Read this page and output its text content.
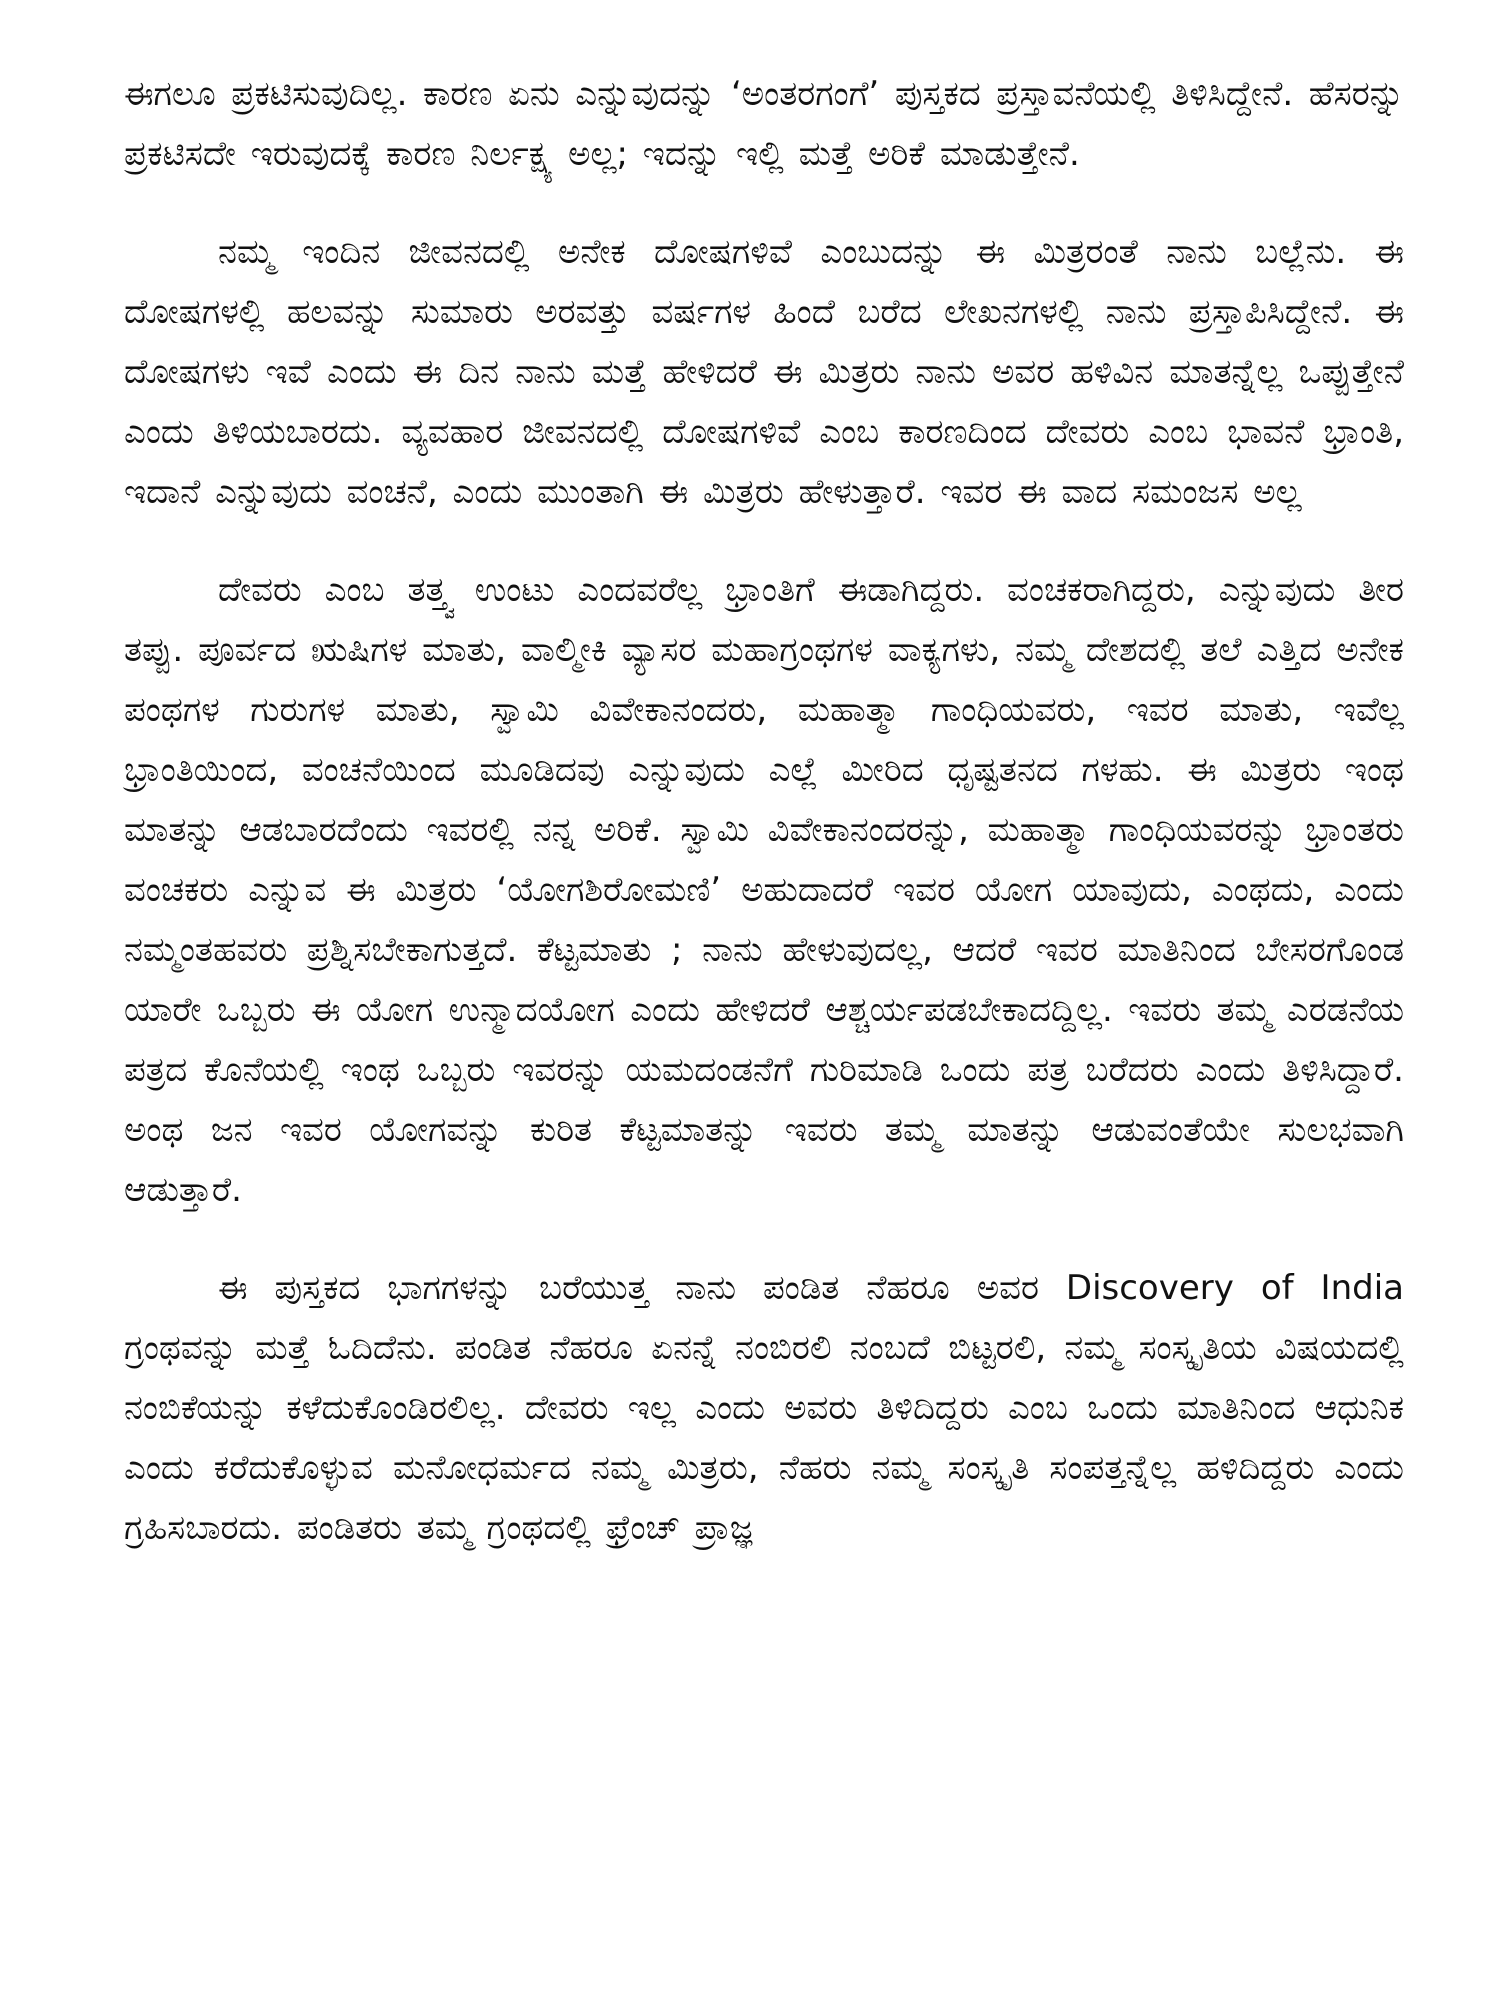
ಈಗಲೂ ಪ್ರಕಟಿಸುವುದಿಲ್ಲ. ಕಾರಣ ಏನು ಎನ್ನುವುದನ್ನು ‘ಅಂತರಗಂಗೆ’ ಪುಸ್ತಕದ ಪ್ರಸ್ತಾವನೆಯಲ್ಲಿ ತಿಳಿಸಿದ್ದೇನೆ. ಹೆಸರನ್ನು ಪ್ರಕಟಿಸದೇ ಇರುವುದಕ್ಕೆ ಕಾರಣ ನಿರ್ಲಕ್ಷ್ಯ ಅಲ್ಲ; ಇದನ್ನು ಇಲ್ಲಿ ಮತ್ತೆ ಅರಿಕೆ ಮಾಡುತ್ತೇನೆ.

ನಮ್ಮ ಇಂದಿನ ಜೀವನದಲ್ಲಿ ಅನೇಕ ದೋಷಗಳಿವೆ ಎಂಬುದನ್ನು ಈ ಮಿತ್ರರಂತೆ ನಾನು ಬಲ್ಲೆನು. ಈ ದೋಷಗಳಲ್ಲಿ ಹಲವನ್ನು ಸುಮಾರು ಅರವತ್ತು ವರ್ಷಗಳ ಹಿಂದೆ ಬರೆದ ಲೇಖನಗಳಲ್ಲಿ ನಾನು ಪ್ರಸ್ತಾಪಿಸಿದ್ದೇನೆ. ಈ ದೋಷಗಳು ಇವೆ ಎಂದು ಈ ದಿನ ನಾನು ಮತ್ತೆ ಹೇಳಿದರೆ ಈ ಮಿತ್ರರು ನಾನು ಅವರ ಹಳಿವಿನ ಮಾತನ್ನೆಲ್ಲ ಒಪ್ಪುತ್ತೇನೆ ಎಂದು ತಿಳಿಯಬಾರದು. ವ್ಯವಹಾರ ಜೀವನದಲ್ಲಿ ದೋಷಗಳಿವೆ ಎಂಬ ಕಾರಣದಿಂದ ದೇವರು ಎಂಬ ಭಾವನೆ ಭ್ರಾಂತಿ, ಇದಾನೆ ಎನ್ನುವುದು ವಂಚನೆ, ಎಂದು ಮುಂತಾಗಿ ಈ ಮಿತ್ರರು ಹೇಳುತ್ತಾರೆ. ಇವರ ಈ ವಾದ ಸಮಂಜಸ ಅಲ್ಲ

ದೇವರು ಎಂಬ ತತ್ತ್ವ ಉಂಟು ಎಂದವರೆಲ್ಲ ಭ್ರಾಂತಿಗೆ ಈಡಾಗಿದ್ದರು. ವಂಚಕರಾಗಿದ್ದರು, ಎನ್ನುವುದು ತೀರ ತಪ್ಪು. ಪೂರ್ವದ ಋಷಿಗಳ ಮಾತು, ವಾಲ್ಮೀಕಿ ವ್ಯಾಸರ ಮಹಾಗ್ರಂಥಗಳ ವಾಕ್ಯಗಳು, ನಮ್ಮ ದೇಶದಲ್ಲಿ ತಲೆ ಎತ್ತಿದ ಅನೇಕ ಪಂಥಗಳ ಗುರುಗಳ ಮಾತು, ಸ್ವಾಮಿ ವಿವೇಕಾನಂದರು, ಮಹಾತ್ಮಾ ಗಾಂಧಿಯವರು, ಇವರ ಮಾತು, ಇವೆಲ್ಲ ಭ್ರಾಂತಿಯಿಂದ, ವಂಚನೆಯಿಂದ ಮೂಡಿದವು ಎನ್ನುವುದು ಎಲ್ಲೆ ಮೀರಿದ ಧೃಷ್ಟತನದ ಗಳಹು. ಈ ಮಿತ್ರರು ಇಂಥ ಮಾತನ್ನು ಆಡಬಾರದೆಂದು ಇವರಲ್ಲಿ ನನ್ನ ಅರಿಕೆ. ಸ್ವಾಮಿ ವಿವೇಕಾನಂದರನ್ನು, ಮಹಾತ್ಮಾ ಗಾಂಧಿಯವರನ್ನು ಭ್ರಾಂತರು ವಂಚಕರು ಎನ್ನುವ ಈ ಮಿತ್ರರು ‘ಯೋಗಶಿರೋಮಣಿ’ ಅಹುದಾದರೆ ಇವರ ಯೋಗ ಯಾವುದು, ಎಂಥದು, ಎಂದು ನಮ್ಮಂತಹವರು ಪ್ರಶ್ನಿಸಬೇಕಾಗುತ್ತದೆ. ಕೆಟ್ಟಮಾತು ; ನಾನು ಹೇಳುವುದಲ್ಲ, ಆದರೆ ಇವರ ಮಾತಿನಿಂದ ಬೇಸರಗೊಂಡ ಯಾರೇ ಒಬ್ಬರು ಈ ಯೋಗ ಉನ್ಮಾದಯೋಗ ಎಂದು ಹೇಳಿದರೆ ಆಶ್ಚರ್ಯಪಡಬೇಕಾದದ್ದಿಲ್ಲ. ಇವರು ತಮ್ಮ ಎರಡನೆಯ ಪತ್ರದ ಕೊನೆಯಲ್ಲಿ ಇಂಥ ಒಬ್ಬರು ಇವರನ್ನು ಯಮದಂಡನೆಗೆ ಗುರಿಮಾಡಿ ಒಂದು ಪತ್ರ ಬರೆದರು ಎಂದು ತಿಳಿಸಿದ್ದಾರೆ. ಅಂಥ ಜನ ಇವರ ಯೋಗವನ್ನು ಕುರಿತ ಕೆಟ್ಟಮಾತನ್ನು ಇವರು ತಮ್ಮ ಮಾತನ್ನು ಆಡುವಂತೆಯೇ ಸುಲಭವಾಗಿ ಆಡುತ್ತಾರೆ.

ಈ ಪುಸ್ತಕದ ಭಾಗಗಳನ್ನು ಬರೆಯುತ್ತ ನಾನು ಪಂಡಿತ ನೆಹರೂ ಅವರ Discovery of India ಗ್ರಂಥವನ್ನು ಮತ್ತೆ ಓದಿದೆನು. ಪಂಡಿತ ನೆಹರೂ ಏನನ್ನೆ ನಂಬಿರಲಿ ನಂಬದೆ ಬಿಟ್ಟರಲಿ, ನಮ್ಮ ಸಂಸ್ಕೃತಿಯ ವಿಷಯದಲ್ಲಿ ನಂಬಿಕೆಯನ್ನು ಕಳೆದುಕೊಂಡಿರಲಿಲ್ಲ. ದೇವರು ಇಲ್ಲ ಎಂದು ಅವರು ತಿಳಿದಿದ್ದರು ಎಂಬ ಒಂದು ಮಾತಿನಿಂದ ಆಧುನಿಕ ಎಂದು ಕರೆದುಕೊಳ್ಳುವ ಮನೋಧರ್ಮದ ನಮ್ಮ ಮಿತ್ರರು, ನೆಹರು ನಮ್ಮ ಸಂಸ್ಕೃತಿ ಸಂಪತ್ತನ್ನೆಲ್ಲ ಹಳಿದಿದ್ದರು ಎಂದು ಗ್ರಹಿಸಬಾರದು. ಪಂಡಿತರು ತಮ್ಮ ಗ್ರಂಥದಲ್ಲಿ ಫ್ರೆಂಚ್ ಪ್ರಾಜ್ಞ
